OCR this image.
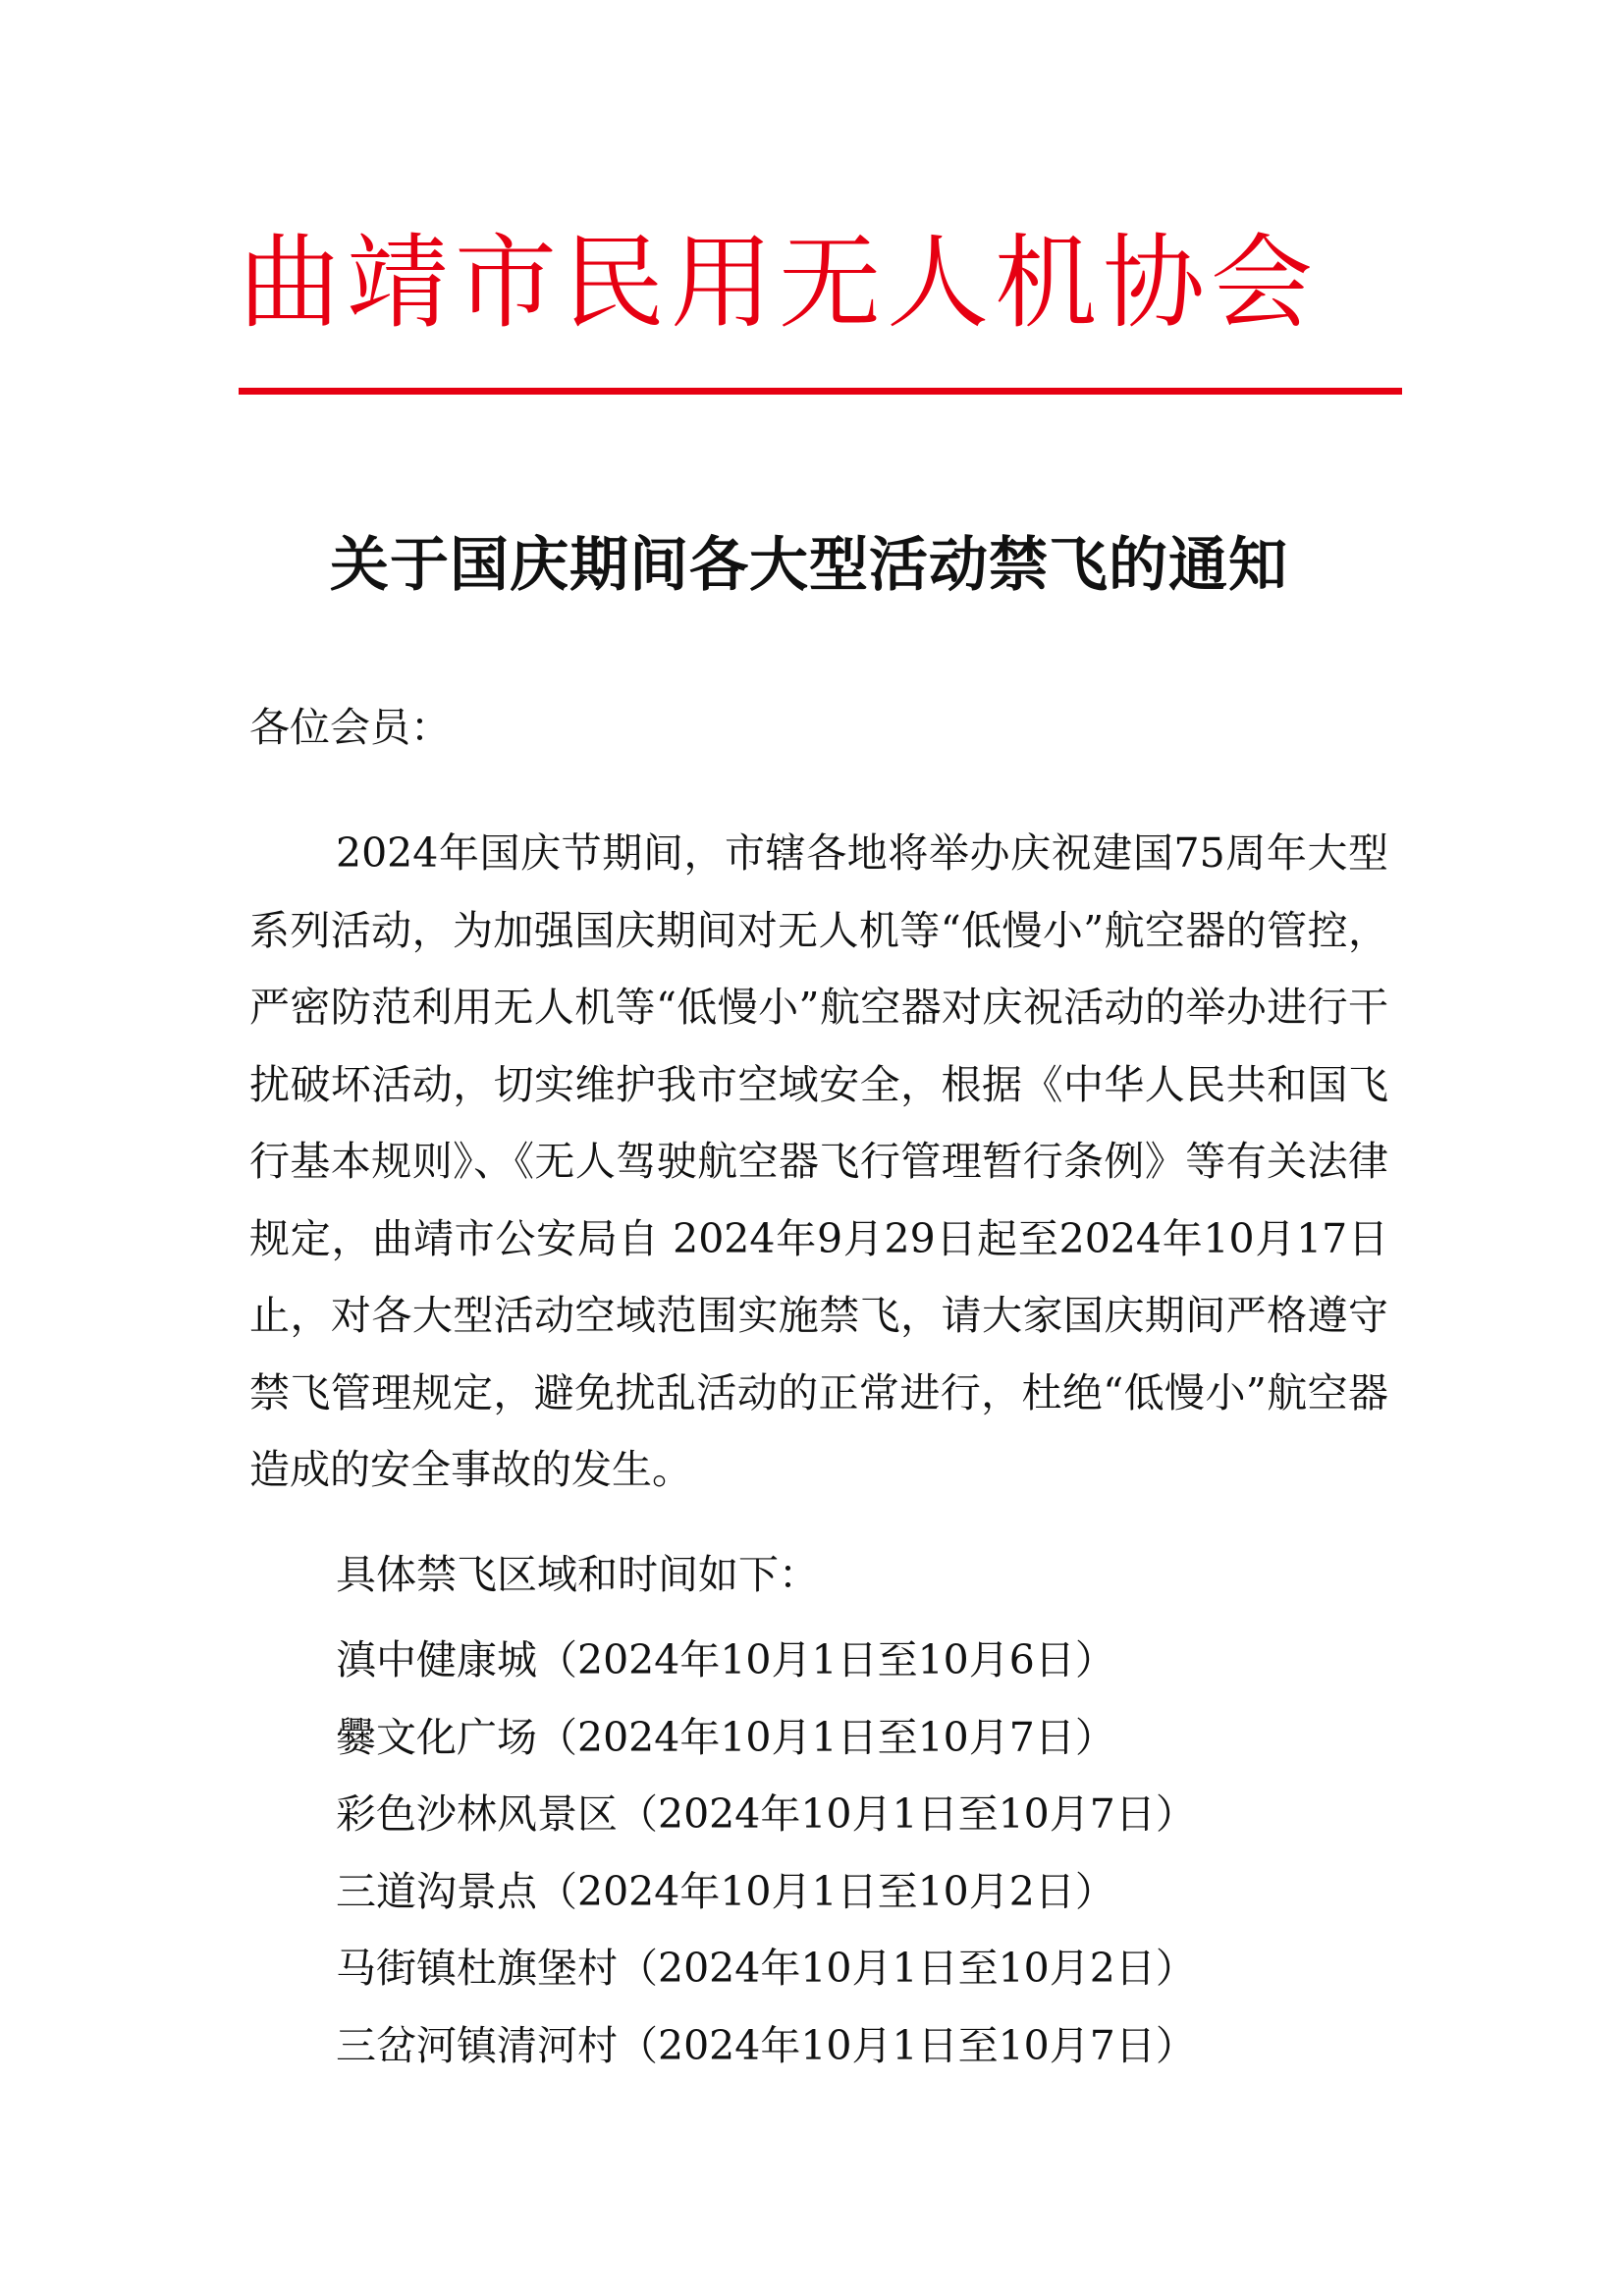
曲靖市民用无人机协会
关于国庆期间各大型活动禁飞的通知
各位会员：

2024年国庆节期间，市辖各地将举办庆祝建国75周年大型系列活动，为加强国庆期间对无人机等“低慢小”航空器的管控，严密防范利用无人机等“低慢小”航空器对庆祝活动的举办进行干扰破坏活动，切实维护我市空域安全，根据《中华人民共和国飞行基本规则》、《无人驾驶航空器飞行管理暂行条例》等有关法律规定，曲靖市公安局自 2024年9月29日起至2024年10月17日止，对各大型活动空域范围实施禁飞，请大家国庆期间严格遵守禁飞管理规定，避免扰乱活动的正常进行，杜绝“低慢小”航空器造成的安全事故的发生。

具体禁飞区域和时间如下：
滇中健康城（2024年10月1日至10月6日）
爨文化广场（2024年10月1日至10月7日）
彩色沙林风景区（2024年10月1日至10月7日）
三道沟景点（2024年10月1日至10月2日）
马街镇杜旗堡村（2024年10月1日至10月2日）
三岔河镇清河村（2024年10月1日至10月7日）
